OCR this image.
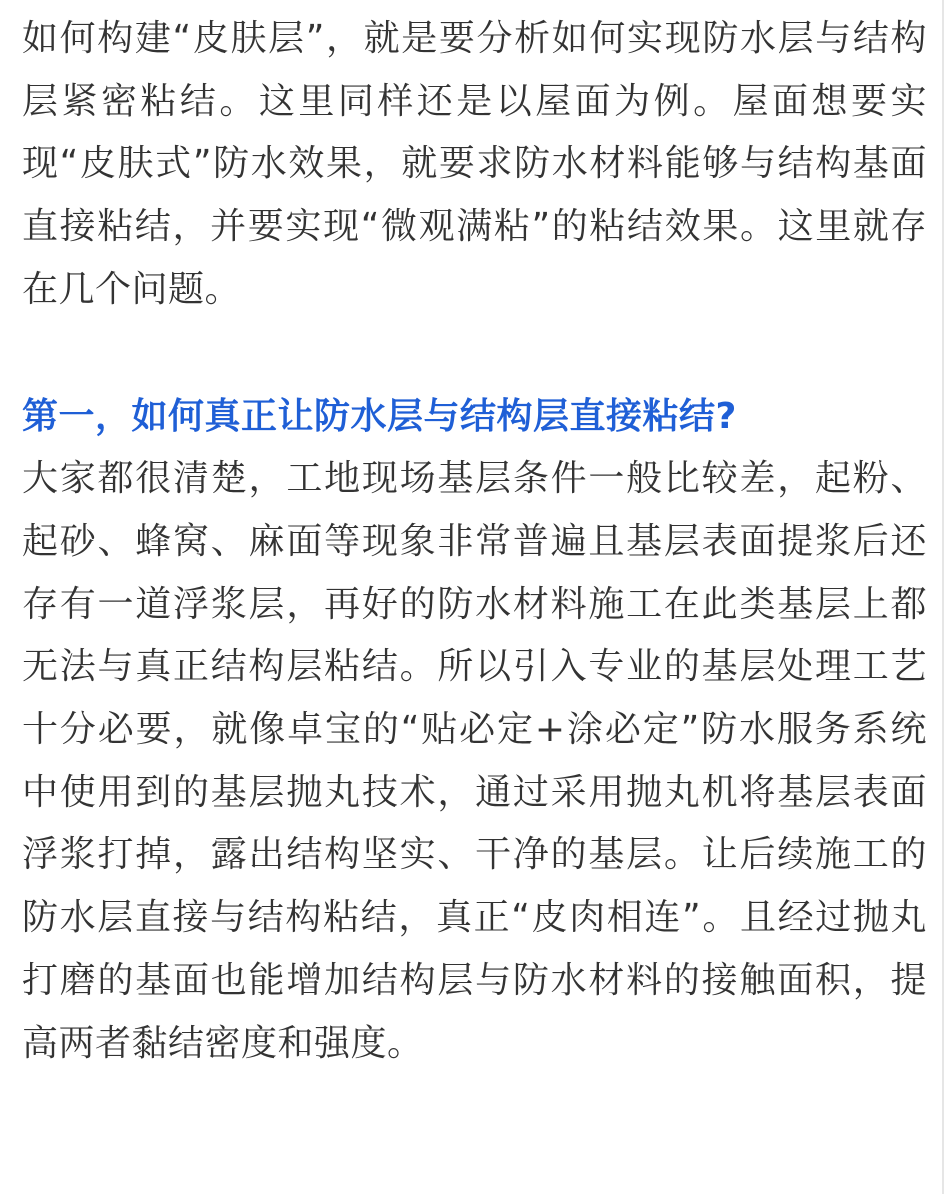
如何构建“皮肤层”，就是要分析如何实现防水层与结构层紧密粘结。这里同样还是以屋面为例。屋面想要实现“皮肤式”防水效果，就要求防水材料能够与结构基面直接粘结，并要实现“微观满粘”的粘结效果。这里就存在几个问题。

第一，如何真正让防水层与结构层直接粘结?

大家都很清楚，工地现场基层条件一般比较差，起粉、起砂、蜂窝、麻面等现象非常普遍且基层表面提浆后还存有一道浮浆层，再好的防水材料施工在此类基层上都无法与真正结构层粘结。所以引入专业的基层处理工艺十分必要，就像卓宝的“贴必定+涂必定”防水服务系统中使用到的基层抛丸技术，通过采用抛丸机将基层表面浮浆打掉，露出结构坚实、干净的基层。让后续施工的防水层直接与结构粘结，真正“皮肉相连”。且经过抛丸打磨的基面也能增加结构层与防水材料的接触面积，提高两者黏结密度和强度。
